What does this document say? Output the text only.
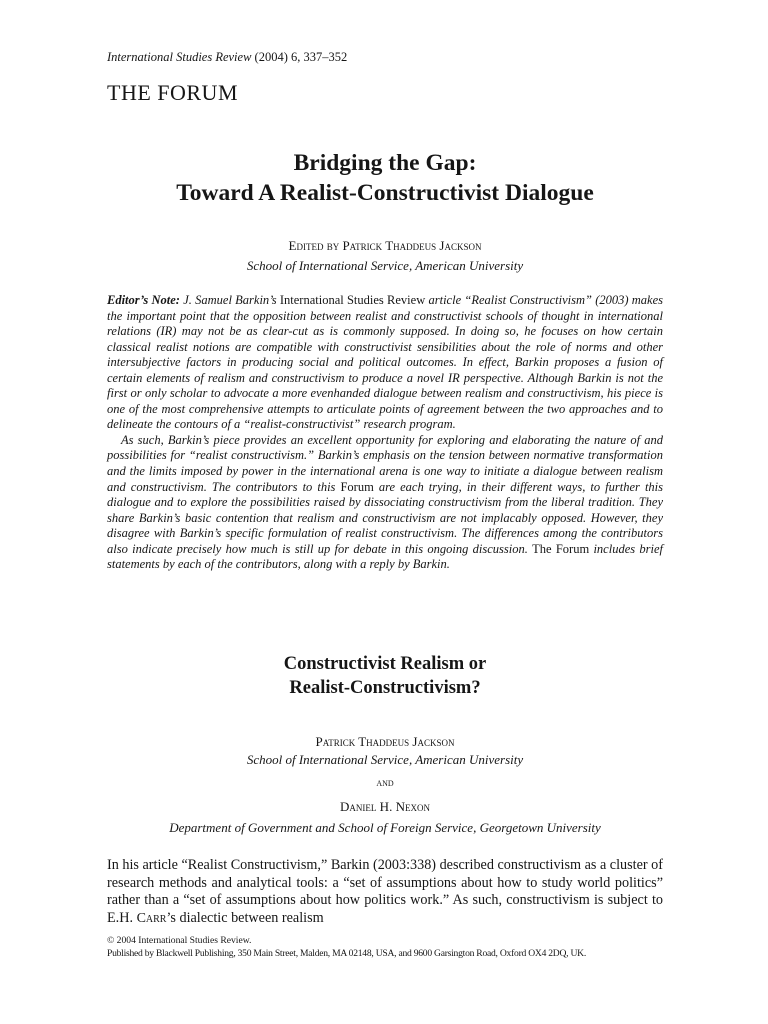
International Studies Review (2004) 6, 337–352
THE FORUM
Bridging the Gap:
Toward A Realist-Constructivist Dialogue
Edited by Patrick Thaddeus Jackson
School of International Service, American University

Editor’s Note: J. Samuel Barkin’s International Studies Review article “Realist Constructivism” (2003) makes the important point that the opposition between realist and constructivist schools of thought in international relations (IR) may not be as clear-cut as is commonly supposed. In doing so, he focuses on how certain classical realist notions are compatible with constructivist sensibilities about the role of norms and other intersubjective factors in producing social and political outcomes. In effect, Barkin proposes a fusion of certain elements of realism and constructivism to produce a novel IR perspective. Although Barkin is not the first or only scholar to advocate a more evenhanded dialogue between realism and constructivism, his piece is one of the most comprehensive attempts to articulate points of agreement between the two approaches and to delineate the contours of a “realist-constructivist” research program.

As such, Barkin’s piece provides an excellent opportunity for exploring and elaborating the nature of and possibilities for “realist constructivism.” Barkin’s emphasis on the tension between normative transformation and the limits imposed by power in the international arena is one way to initiate a dialogue between realism and constructivism. The contributors to this Forum are each trying, in their different ways, to further this dialogue and to explore the possibilities raised by dissociating constructivism from the liberal tradition. They share Barkin’s basic contention that realism and constructivism are not implacably opposed. However, they disagree with Barkin’s specific formulation of realist constructivism. The differences among the contributors also indicate precisely how much is still up for debate in this ongoing discussion. The Forum includes brief statements by each of the contributors, along with a reply by Barkin.

Constructivist Realism or
Realist-Constructivism?
Patrick Thaddeus Jackson
School of International Service, American University
and
Daniel H. Nexon
Department of Government and School of Foreign Service, Georgetown University

In his article “Realist Constructivism,” Barkin (2003:338) described constructivism as a cluster of research methods and analytical tools: a “set of assumptions about how to study world politics” rather than a “set of assumptions about how politics work.” As such, constructivism is subject to E.H. Carr’s dialectic between realism

© 2004 International Studies Review.
Published by Blackwell Publishing, 350 Main Street, Malden, MA 02148, USA, and 9600 Garsington Road, Oxford OX4 2DQ, UK.
